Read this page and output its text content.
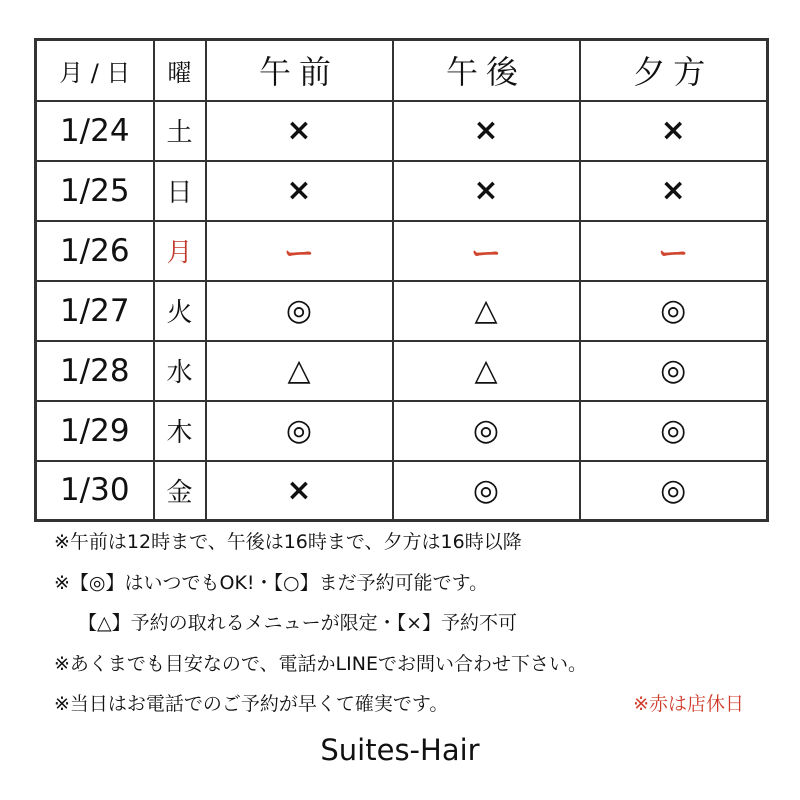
月 / 日	曜	午前	午後	夕方
1/24	土	×	×	×
1/25	日	×	×	×
1/26	月	ー	ー	ー
1/27	火	◎	△	◎
1/28	水	△	△	◎
1/29	木	◎	◎	◎
1/30	金	×	◎	◎
※午前は12時まで、午後は16時まで、夕方は16時以降
※【◎】はいつでもOK!・【○】まだ予約可能です。
【△】予約の取れるメニューが限定・【×】予約不可
※あくまでも目安なので、電話かLINEでお問い合わせ下さい。
※当日はお電話でのご予約が早くて確実です。	※赤は店休日
Suites-Hair
